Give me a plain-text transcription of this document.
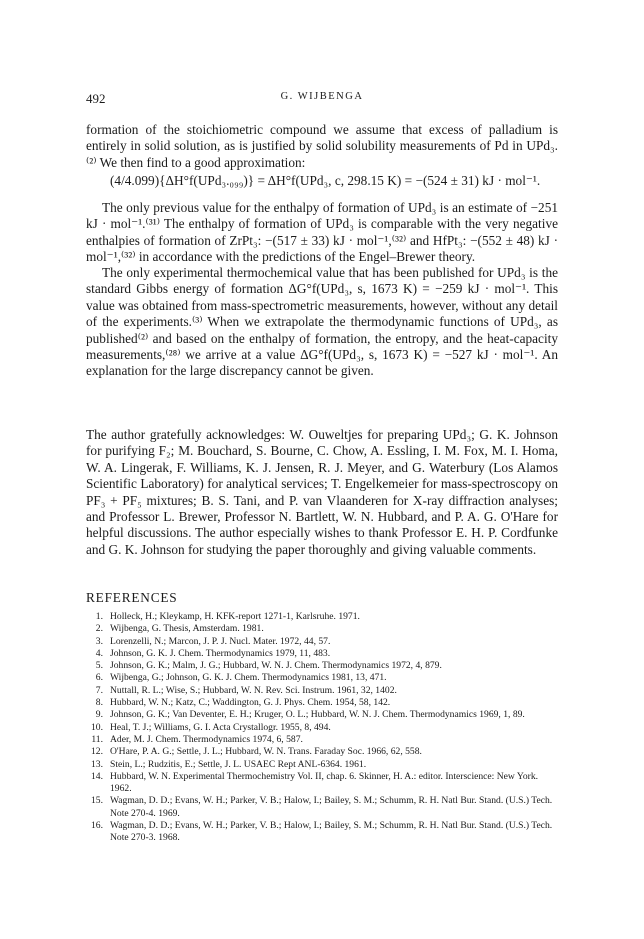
492	G. WIJBENGA

formation of the stoichiometric compound we assume that excess of palladium is entirely in solid solution, as is justified by solid solubility measurements of Pd in UPd₃.⁽²⁾ We then find to a good approximation:

(4/4.099){ΔH°f(UPd₃.₀₉₉)} = ΔH°f(UPd₃, c, 298.15 K) = −(524 ± 31) kJ · mol⁻¹.

The only previous value for the enthalpy of formation of UPd₃ is an estimate of −251 kJ · mol⁻¹.⁽³¹⁾ The enthalpy of formation of UPd₃ is comparable with the very negative enthalpies of formation of ZrPt₃: −(517 ± 33) kJ · mol⁻¹,⁽³²⁾ and HfPt₃: −(552 ± 48) kJ · mol⁻¹,⁽³²⁾ in accordance with the predictions of the Engel–Brewer theory.

The only experimental thermochemical value that has been published for UPd₃ is the standard Gibbs energy of formation ΔG°f(UPd₃, s, 1673 K) = −259 kJ · mol⁻¹. This value was obtained from mass-spectrometric measurements, however, without any detail of the experiments.⁽³⁾ When we extrapolate the thermodynamic functions of UPd₃, as published⁽²⁾ and based on the enthalpy of formation, the entropy, and the heat-capacity measurements,⁽²⁸⁾ we arrive at a value ΔG°f(UPd₃, s, 1673 K) = −527 kJ · mol⁻¹. An explanation for the large discrepancy cannot be given.

The author gratefully acknowledges: W. Ouweltjes for preparing UPd₃; G. K. Johnson for purifying F₂; M. Bouchard, S. Bourne, C. Chow, A. Essling, I. M. Fox, M. I. Homa, W. A. Lingerak, F. Williams, K. J. Jensen, R. J. Meyer, and G. Waterbury (Los Alamos Scientific Laboratory) for analytical services; T. Engelkemeier for mass-spectroscopy on PF₃ + PF₅ mixtures; B. S. Tani, and P. van Vlaanderen for X-ray diffraction analyses; and Professor L. Brewer, Professor N. Bartlett, W. N. Hubbard, and P. A. G. O'Hare for helpful discussions. The author especially wishes to thank Professor E. H. P. Cordfunke and G. K. Johnson for studying the paper thoroughly and giving valuable comments.

REFERENCES
1. Holleck, H.; Kleykamp, H. KFK-report 1271-1, Karlsruhe. 1971.
2. Wijbenga, G. Thesis, Amsterdam. 1981.
3. Lorenzelli, N.; Marcon, J. P. J. Nucl. Mater. 1972, 44, 57.
4. Johnson, G. K. J. Chem. Thermodynamics 1979, 11, 483.
5. Johnson, G. K.; Malm, J. G.; Hubbard, W. N. J. Chem. Thermodynamics 1972, 4, 879.
6. Wijbenga, G.; Johnson, G. K. J. Chem. Thermodynamics 1981, 13, 471.
7. Nuttall, R. L.; Wise, S.; Hubbard, W. N. Rev. Sci. Instrum. 1961, 32, 1402.
8. Hubbard, W. N.; Katz, C.; Waddington, G. J. Phys. Chem. 1954, 58, 142.
9. Johnson, G. K.; Van Deventer, E. H.; Kruger, O. L.; Hubbard, W. N. J. Chem. Thermodynamics 1969, 1, 89.
10. Heal, T. J.; Williams, G. I. Acta Crystallogr. 1955, 8, 494.
11. Ader, M. J. Chem. Thermodynamics 1974, 6, 587.
12. O'Hare, P. A. G.; Settle, J. L.; Hubbard, W. N. Trans. Faraday Soc. 1966, 62, 558.
13. Stein, L.; Rudzitis, E.; Settle, J. L. USAEC Rept ANL-6364. 1961.
14. Hubbard, W. N. Experimental Thermochemistry Vol. II, chap. 6. Skinner, H. A.: editor. Interscience: New York. 1962.
15. Wagman, D. D.; Evans, W. H.; Parker, V. B.; Halow, I.; Bailey, S. M.; Schumm, R. H. Natl Bur. Stand. (U.S.) Tech. Note 270-4. 1969.
16. Wagman, D. D.; Evans, W. H.; Parker, V. B.; Halow, I.; Bailey, S. M.; Schumm, R. H. Natl Bur. Stand. (U.S.) Tech. Note 270-3. 1968.
